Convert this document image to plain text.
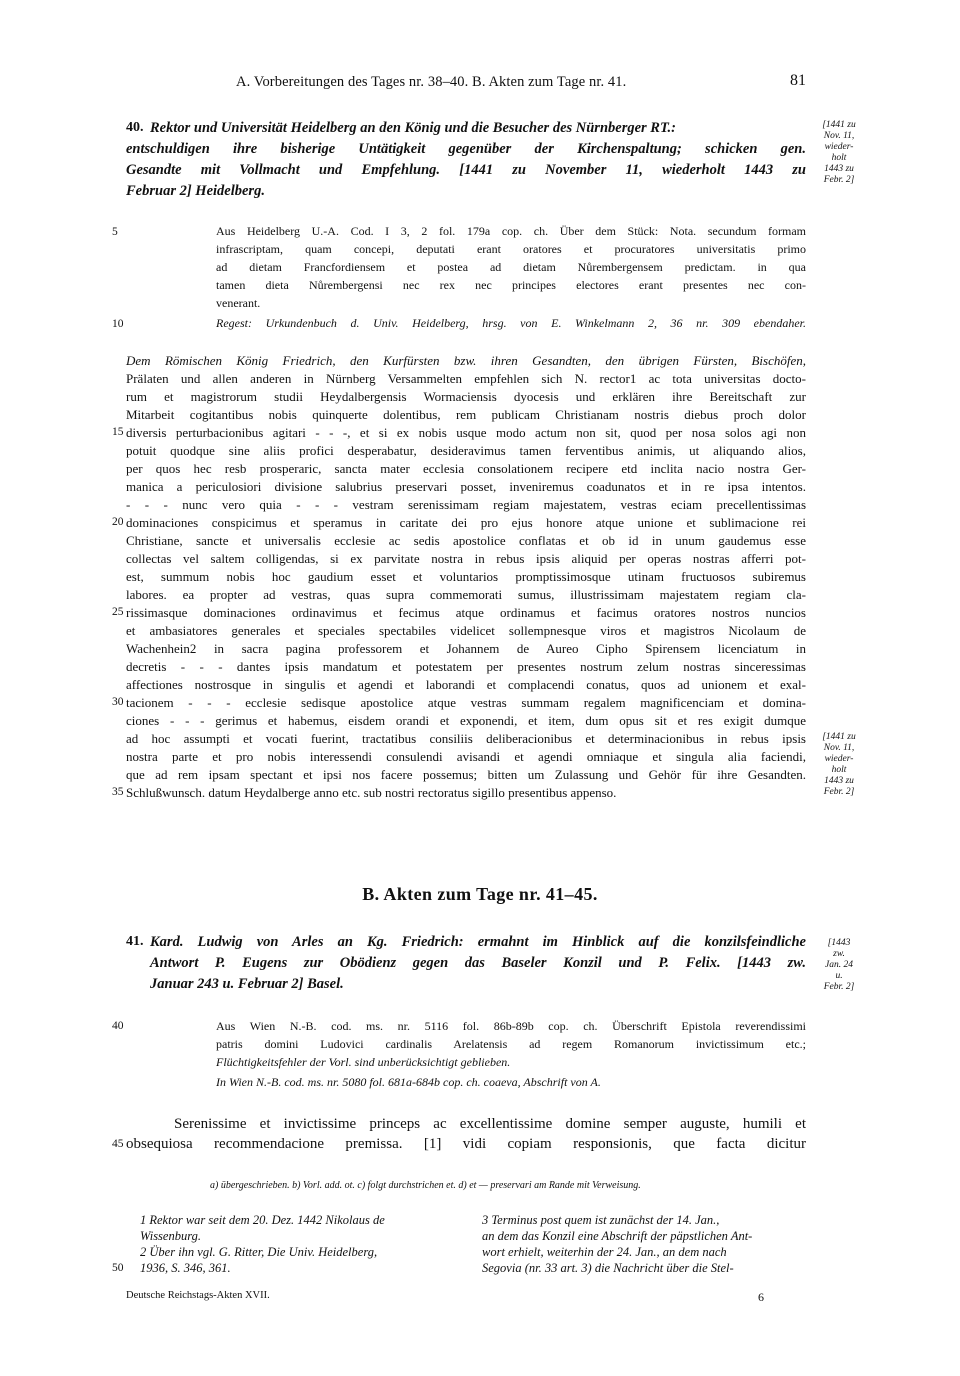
A. Vorbereitungen des Tages nr. 38–40. B. Akten zum Tage nr. 41.	81
40. Rektor und Universität Heidelberg an den König und die Besucher des Nürnberger RT.:
entschuldigen ihre bisherige Untätigkeit gegenüber der Kirchenspaltung; schicken gen.
Gesandte mit Vollmacht und Empfehlung. [1441 zu November 11, wiederholt 1443 zu
Februar 2] Heidelberg.
[1441 zu
Nov. 11,
wieder-
holt
1443 zu
Febr. 2]
Aus Heidelberg U.-A. Cod. I 3, 2 fol. 179a cop. ch. Über dem Stück: Nota. secundum formam
infrascriptam, quam concepi, deputati erant oratores et procuratores universitatis primo
ad dietam Francfordiensem et postea ad dietam Nůrembergensem predictam. in qua
tamen dieta Nůrembergensi nec rex nec principes electores erant presentes nec con-
venerant.
Regest: Urkundenbuch d. Univ. Heidelberg, hrsg. von E. Winkelmann 2, 36 nr. 309 ebendaher.
Dem Römischen König Friedrich, den Kurfürsten bzw. ihren Gesandten, den übrigen Fürsten, Bischöfen,
Prälaten und allen anderen in Nürnberg Versammelten empfehlen sich N. rector1 ac tota universitas docto-
rum et magistrorum studii Heydalbergensis Wormaciensis dyocesis und erklären ihre Bereitschaft zur
Mitarbeit cogitantibus nobis quinquerte dolentibus, rem publicam Christianam nostris diebus proch dolor
diversis perturbacionibus agitari - - -, et si ex nobis usque modo actum non sit, quod per nosa solos agi non
potuit quodque sine aliis profici desperabatur, desideravimus tamen ferventibus animis, ut aliquando alios,
per quos hec resb prosperaric, sancta mater ecclesia consolationem recipere etd inclita nacio nostra Ger-
manica a periculosiori divisione salubrius preservari posset, inveniremus coadunatos et in re ipsa intentos.
- - - nunc vero quia - - - vestram serenissimam regiam majestatem, vestras eciam precellentissimas
dominaciones conspicimus et speramus in caritate dei pro ejus honore atque unione et sublimacione rei
Christiane, sancte et universalis ecclesie ac sedis apostolice conflatas et ob id in unum gaudemus esse
collectas vel saltem colligendas, si ex parvitate nostra in rebus ipsis aliquid per operas nostras afferri pot-
est, summum nobis hoc gaudium esset et voluntarios promptissimosque utinam fructuosos subiremus
labores. ea propter ad vestras, quas supra commemorati sumus, illustrissimam majestatem regiam cla-
rissimasque dominaciones ordinavimus et fecimus atque ordinamus et facimus oratores nostros nuncios
et ambasiatores generales et speciales spectabiles videlicet sollempnesque viros et magistros Nicolaum de
Wachenhein2 in sacra pagina professorem et Johannem de Aureo Cipho Spirensem licenciatum in
decretis - - - dantes ipsis mandatum et potestatem per presentes nostrum zelum nostras sinceressimas
affectiones nostrosque in singulis et agendi et laborandi et complacendi conatus, quos ad unionem et exal-
tacionem - - - ecclesie sedisque apostolice atque vestras summam regalem magnificenciam et domina-
ciones - - - gerimus et habemus, eisdem orandi et exponendi, et item, dum opus sit et res exigit dumque
ad hoc assumpti et vocati fuerint, tractatibus consiliis deliberacionibus et determinacionibus in rebus ipsis
nostra parte et pro nobis interessendi consulendi avisandi et agendi omniaque et singula alia faciendi,
que ad rem ipsam spectant et ipsi nos facere possemus; bitten um Zulassung und Gehör für ihre Gesandten.
Schlußwunsch. datum Heydalberge anno etc. sub nostri rectoratus sigillo presentibus appenso.
[1441 zu
Nov. 11,
wieder-
holt
1443 zu
Febr. 2]
B. Akten zum Tage nr. 41–45.
41. Kard. Ludwig von Arles an Kg. Friedrich: ermahnt im Hinblick auf die konzilsfeindliche
Antwort P. Eugens zur Obödienz gegen das Baseler Konzil und P. Felix. [1443 zw.
Januar 243 u. Februar 2] Basel.
[1443
zw.
Jan. 24
u.
Febr. 2]
Aus Wien N.-B. cod. ms. nr. 5116 fol. 86b-89b cop. ch. Überschrift Epistola reverendissimi
patris domini Ludovici cardinalis Arelatensis ad regem Romanorum invictissimum etc.;
Flüchtigkeitsfehler der Vorl. sind unberücksichtigt geblieben.
In Wien N.-B. cod. ms. nr. 5080 fol. 681a-684b cop. ch. coaeva, Abschrift von A.
Serenissime et invictissime princeps ac excellentissime domine semper auguste, humili et
obsequiosa recommendacione premissa. [1] vidi copiam responsionis, que facta dicitur
a) übergeschrieben. b) Vorl. add. ot. c) folgt durchstrichen et. d) et — preservari am Rande mit Verweisung.
1 Rektor war seit dem 20. Dez. 1442 Nikolaus de
Wissenburg.
2 Über ihn vgl. G. Ritter, Die Univ. Heidelberg,
1936, S. 346, 361.
3 Terminus post quem ist zunächst der 14. Jan.,
an dem das Konzil eine Abschrift der päpstlichen Ant-
wort erhielt, weiterhin der 24. Jan., an dem nach
Segovia (nr. 33 art. 3) die Nachricht über die Stel-
Deutsche Reichstags-Akten XVII.	6
5
10
15
20
25
30
35
40
45
50
